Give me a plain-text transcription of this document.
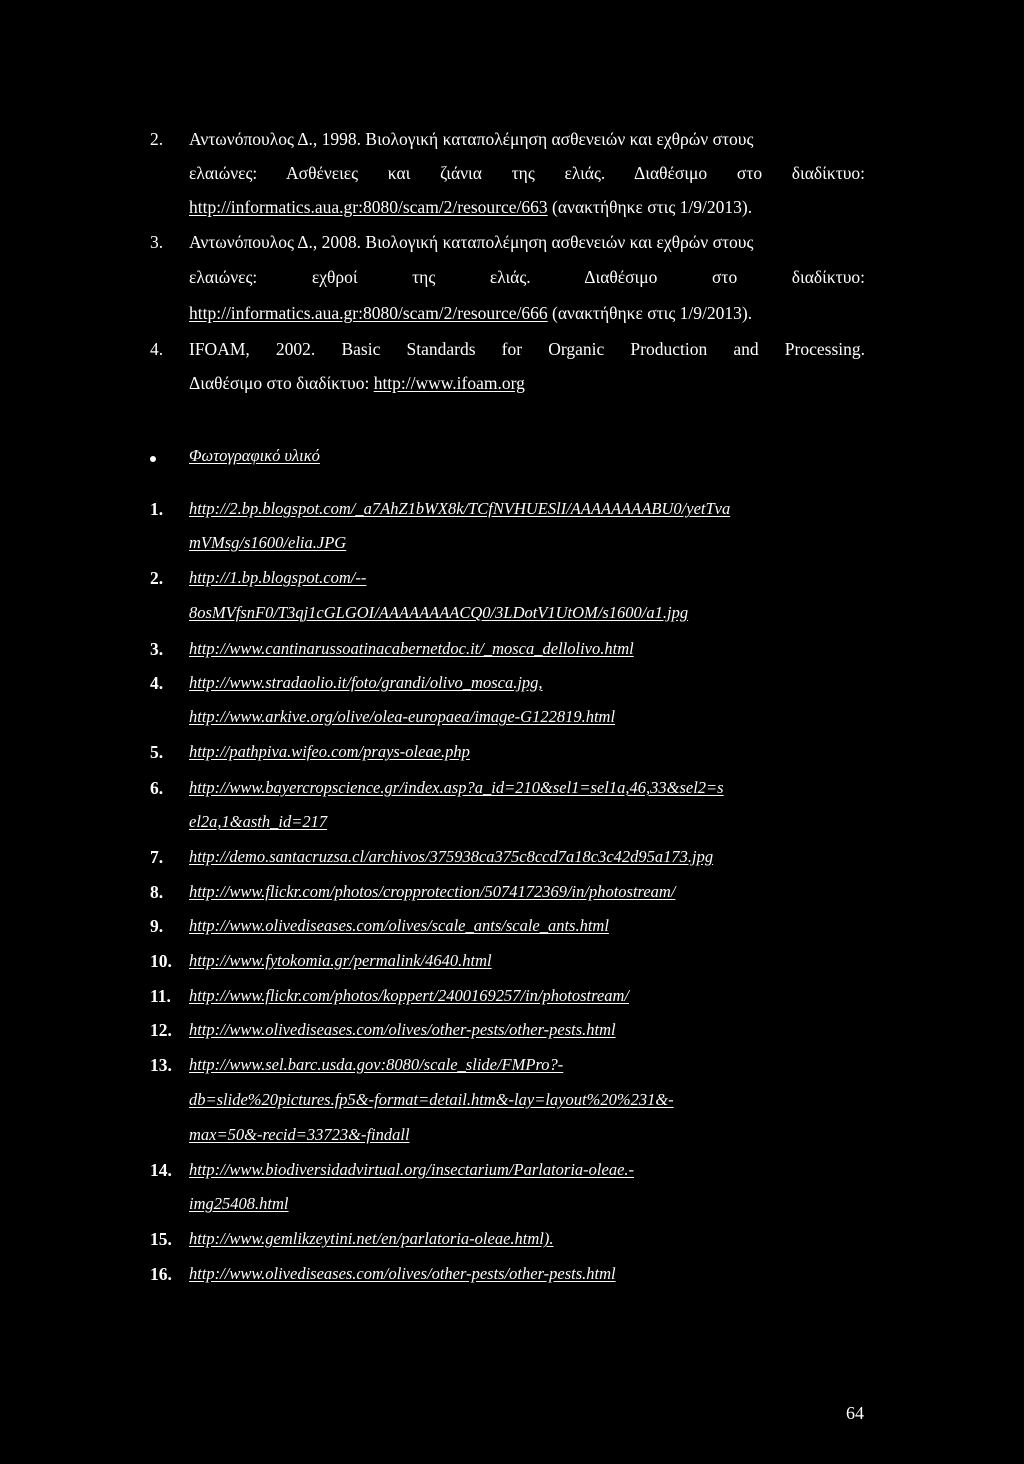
2. Αντωνόπουλος Δ., 1998. Βιολογική καταπολέμηση ασθενειών και εχθρών στους
ελαιώνες: Ασθένειες και ζιάνια της ελιάς. Διαθέσιμο στο διαδίκτυο:
http://informatics.aua.gr:8080/scam/2/resource/663 (ανακτήθηκε στις 1/9/2013).
3. Αντωνόπουλος Δ., 2008. Βιολογική καταπολέμηση ασθενειών και εχθρών στους
ελαιώνες: εχθροί της ελιάς. Διαθέσιμο στο διαδίκτυο:
http://informatics.aua.gr:8080/scam/2/resource/666 (ανακτήθηκε στις 1/9/2013).
4. IFOAM, 2002. Basic Standards for Organic Production and Processing.
Διαθέσιμο στο διαδίκτυο: http://www.ifoam.org
Φωτογραφικό υλικό
1. http://2.bp.blogspot.com/_a7AhZ1bWX8k/TCfNVHUESlI/AAAAAAAABU0/yetTva
mVMsg/s1600/elia.JPG
2. http://1.bp.blogspot.com/--
8osMVfsnF0/T3qj1cGLGOI/AAAAAAAACQ0/3LDotV1UtOM/s1600/a1.jpg
3. http://www.cantinarussoatinacabernetdoc.it/_mosca_dellolivo.html
4. http://www.stradaolio.it/foto/grandi/olivo_mosca.jpg,
http://www.arkive.org/olive/olea-europaea/image-G122819.html
5. http://pathpiva.wifeo.com/prays-oleae.php
6. http://www.bayercropscience.gr/index.asp?a_id=210&sel1=sel1a,46,33&sel2=s
el2a,1&asth_id=217
7. http://demo.santacruzsa.cl/archivos/375938ca375c8ccd7a18c3c42d95a173.jpg
8. http://www.flickr.com/photos/cropprotection/5074172369/in/photostream/
9. http://www.olivediseases.com/olives/scale_ants/scale_ants.html
10. http://www.fytokomia.gr/permalink/4640.html
11. http://www.flickr.com/photos/koppert/2400169257/in/photostream/
12. http://www.olivediseases.com/olives/other-pests/other-pests.html
13. http://www.sel.barc.usda.gov:8080/scale_slide/FMPro?-
db=slide%20pictures.fp5&-format=detail.htm&-lay=layout%20%231&-
max=50&-recid=33723&-findall
14. http://www.biodiversidadvirtual.org/insectarium/Parlatoria-oleae.-
img25408.html
15. http://www.gemlikzeytini.net/en/parlatoria-oleae.html).
16. http://www.olivediseases.com/olives/other-pests/other-pests.html
64
